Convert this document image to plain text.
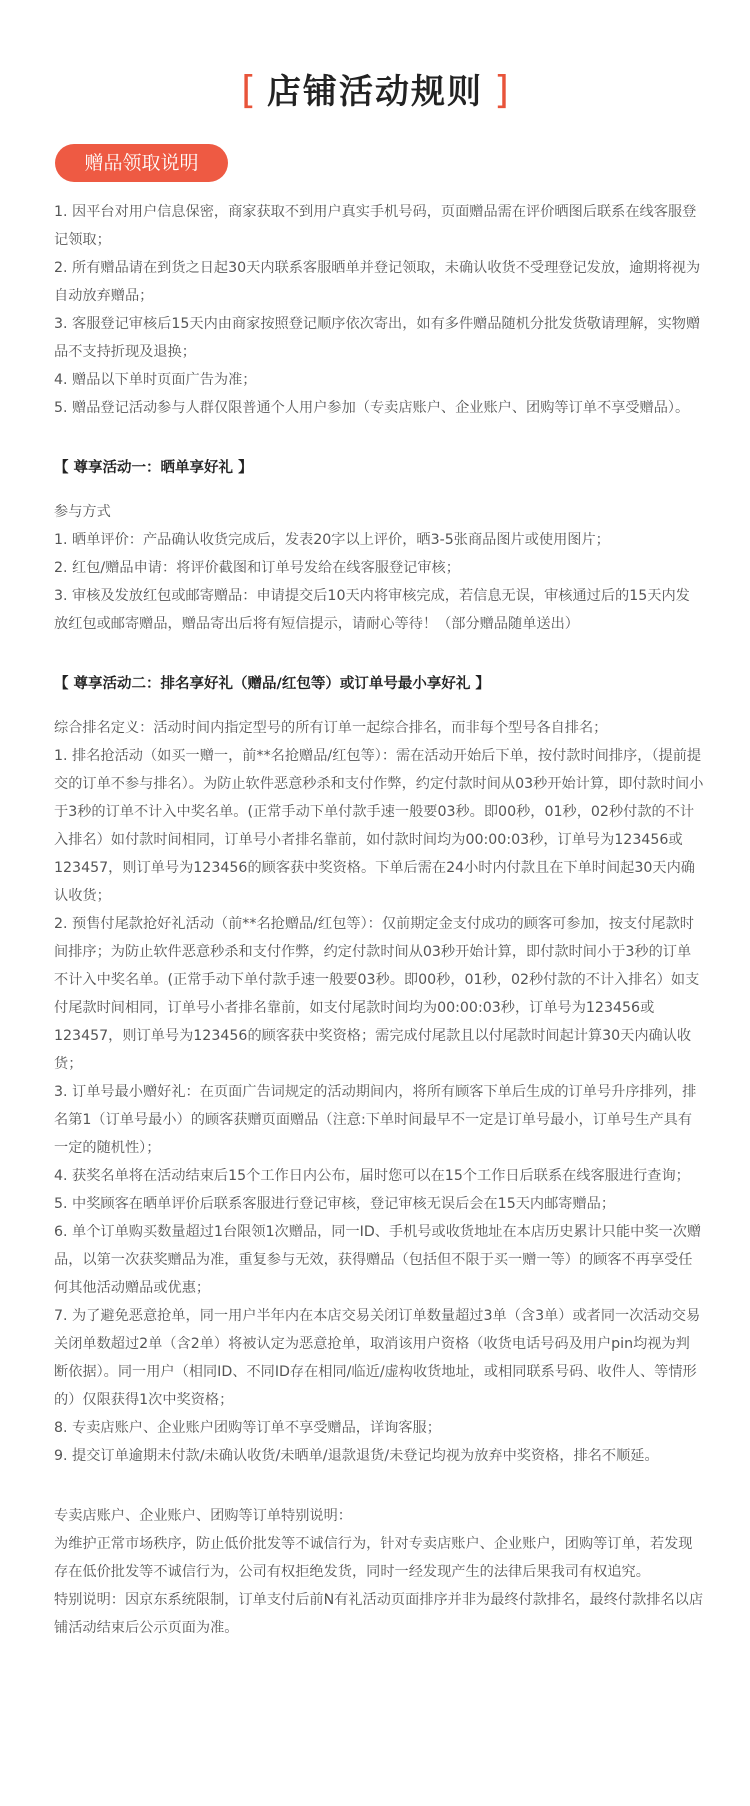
[ 店铺活动规则 ]
赠品领取说明

1. 因平台对用户信息保密，商家获取不到用户真实手机号码，页面赠品需在评价晒图后联系在线客服登记领取；

2. 所有赠品请在到货之日起30天内联系客服晒单并登记领取，未确认收货不受理登记发放，逾期将视为自动放弃赠品；

3. 客服登记审核后15天内由商家按照登记顺序依次寄出，如有多件赠品随机分批发货敬请理解，实物赠品不支持折现及退换；

4. 赠品以下单时页面广告为准；

5. 赠品登记活动参与人群仅限普通个人用户参加（专卖店账户、企业账户、团购等订单不享受赠品）。

【 尊享活动一：晒单享好礼 】

参与方式

1. 晒单评价：产品确认收货完成后，发表20字以上评价，晒3-5张商品图片或使用图片；

2. 红包/赠品申请：将评价截图和订单号发给在线客服登记审核；

3. 审核及发放红包或邮寄赠品：申请提交后10天内将审核完成，若信息无误，审核通过后的15天内发放红包或邮寄赠品，赠品寄出后将有短信提示，请耐心等待！（部分赠品随单送出）

【 尊享活动二：排名享好礼（赠品/红包等）或订单号最小享好礼 】

综合排名定义：活动时间内指定型号的所有订单一起综合排名，而非每个型号各自排名；

1. 排名抢活动（如买一赠一，前**名抢赠品/红包等）：需在活动开始后下单，按付款时间排序，（提前提交的订单不参与排名）。为防止软件恶意秒杀和支付作弊，约定付款时间从03秒开始计算，即付款时间小于3秒的订单不计入中奖名单。(正常手动下单付款手速一般要03秒。即00秒，01秒，02秒付款的不计入排名）如付款时间相同，订单号小者排名靠前，如付款时间均为00:00:03秒，订单号为123456或123457，则订单号为123456的顾客获中奖资格。下单后需在24小时内付款且在下单时间起30天内确认收货；

2. 预售付尾款抢好礼活动（前**名抢赠品/红包等）：仅前期定金支付成功的顾客可参加，按支付尾款时间排序；为防止软件恶意秒杀和支付作弊，约定付款时间从03秒开始计算，即付款时间小于3秒的订单不计入中奖名单。(正常手动下单付款手速一般要03秒。即00秒，01秒，02秒付款的不计入排名）如支付尾款时间相同，订单号小者排名靠前，如支付尾款时间均为00:00:03秒，订单号为123456或123457，则订单号为123456的顾客获中奖资格；需完成付尾款且以付尾款时间起计算30天内确认收货；

3. 订单号最小赠好礼：在页面广告词规定的活动期间内，将所有顾客下单后生成的订单号升序排列，排名第1（订单号最小）的顾客获赠页面赠品（注意:下单时间最早不一定是订单号最小，订单号生产具有一定的随机性）；

4. 获奖名单将在活动结束后15个工作日内公布，届时您可以在15个工作日后联系在线客服进行查询；

5. 中奖顾客在晒单评价后联系客服进行登记审核，登记审核无误后会在15天内邮寄赠品；

6. 单个订单购买数量超过1台限领1次赠品，同一ID、手机号或收货地址在本店历史累计只能中奖一次赠品，以第一次获奖赠品为准，重复参与无效，获得赠品（包括但不限于买一赠一等）的顾客不再享受任何其他活动赠品或优惠；

7. 为了避免恶意抢单，同一用户半年内在本店交易关闭订单数量超过3单（含3单）或者同一次活动交易关闭单数超过2单（含2单）将被认定为恶意抢单，取消该用户资格（收货电话号码及用户pin均视为判断依据）。同一用户（相同ID、不同ID存在相同/临近/虚构收货地址，或相同联系号码、收件人、等情形的）仅限获得1次中奖资格；

8. 专卖店账户、企业账户团购等订单不享受赠品，详询客服；

9. 提交订单逾期未付款/未确认收货/未晒单/退款退货/未登记均视为放弃中奖资格，排名不顺延。

专卖店账户、企业账户、团购等订单特别说明：

为维护正常市场秩序，防止低价批发等不诚信行为，针对专卖店账户、企业账户，团购等订单，若发现存在低价批发等不诚信行为，公司有权拒绝发货，同时一经发现产生的法律后果我司有权追究。

特别说明：因京东系统限制，订单支付后前N有礼活动页面排序并非为最终付款排名，最终付款排名以店铺活动结束后公示页面为准。
